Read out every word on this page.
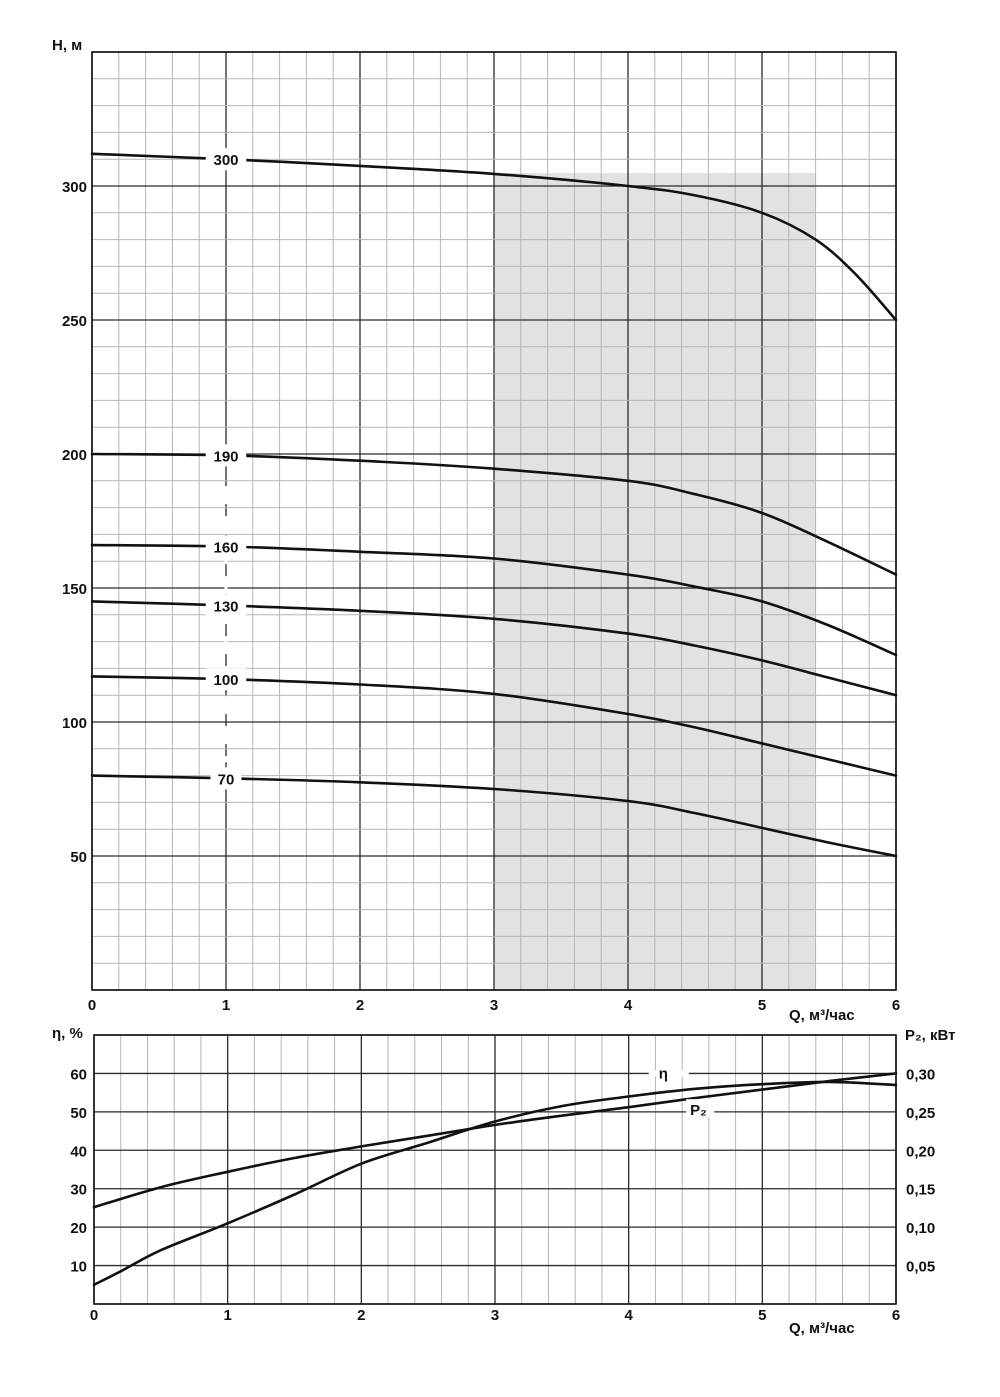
300
190
160
130
100
70
50
100
150
200
250
300
0	1	2	3	4	5	6
H, м
Q, м³/час
η
P₂
10
20
30
40
50
60
0,05
0,10
0,15
0,20
0,25
0,30
0	1	2	3	4	5	6
η, %	P₂, кВт
Q, м³/час
